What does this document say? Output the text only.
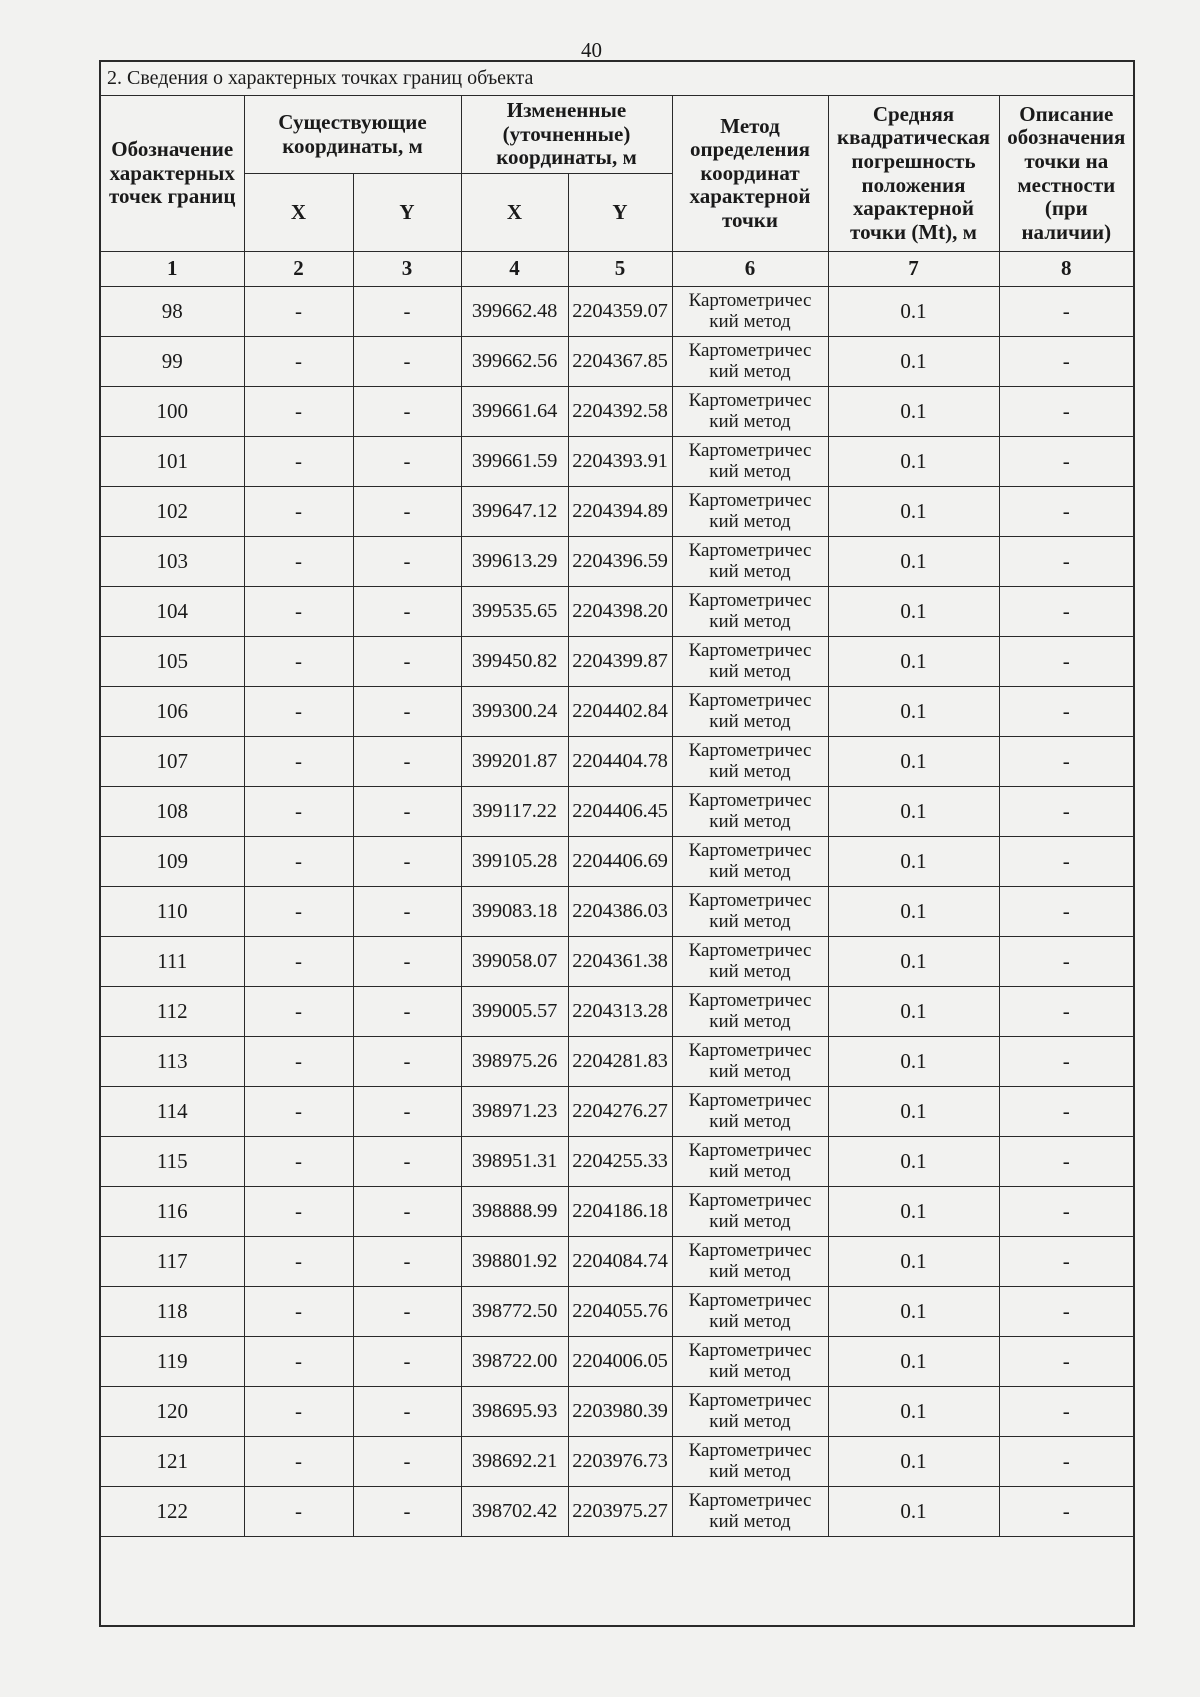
40
2. Сведения о характерных точках границ объекта							
Обозначение характерных точек границ	Существующие координаты, м		Измененные (уточненные) координаты, м		Метод определения координат характерной точки	Средняя квадратическая погрешность положения характерной точки (Mt), м	Описание обозначения точки на местности (при наличии)
	X	Y	X	Y			
1	2	3	4	5	6	7	8
98	-	-	399662.48	2204359.07	Картометричес кий метод	0.1	-
99	-	-	399662.56	2204367.85	Картометричес кий метод	0.1	-
100	-	-	399661.64	2204392.58	Картометричес кий метод	0.1	-
101	-	-	399661.59	2204393.91	Картометричес кий метод	0.1	-
102	-	-	399647.12	2204394.89	Картометричес кий метод	0.1	-
103	-	-	399613.29	2204396.59	Картометричес кий метод	0.1	-
104	-	-	399535.65	2204398.20	Картометричес кий метод	0.1	-
105	-	-	399450.82	2204399.87	Картометричес кий метод	0.1	-
106	-	-	399300.24	2204402.84	Картометричес кий метод	0.1	-
107	-	-	399201.87	2204404.78	Картометричес кий метод	0.1	-
108	-	-	399117.22	2204406.45	Картометричес кий метод	0.1	-
109	-	-	399105.28	2204406.69	Картометричес кий метод	0.1	-
110	-	-	399083.18	2204386.03	Картометричес кий метод	0.1	-
111	-	-	399058.07	2204361.38	Картометричес кий метод	0.1	-
112	-	-	399005.57	2204313.28	Картометричес кий метод	0.1	-
113	-	-	398975.26	2204281.83	Картометричес кий метод	0.1	-
114	-	-	398971.23	2204276.27	Картометричес кий метод	0.1	-
115	-	-	398951.31	2204255.33	Картометричес кий метод	0.1	-
116	-	-	398888.99	2204186.18	Картометричес кий метод	0.1	-
117	-	-	398801.92	2204084.74	Картометричес кий метод	0.1	-
118	-	-	398772.50	2204055.76	Картометричес кий метод	0.1	-
119	-	-	398722.00	2204006.05	Картометричес кий метод	0.1	-
120	-	-	398695.93	2203980.39	Картометричес кий метод	0.1	-
121	-	-	398692.21	2203976.73	Картометричес кий метод	0.1	-
122	-	-	398702.42	2203975.27	Картометричес кий метод	0.1	-
